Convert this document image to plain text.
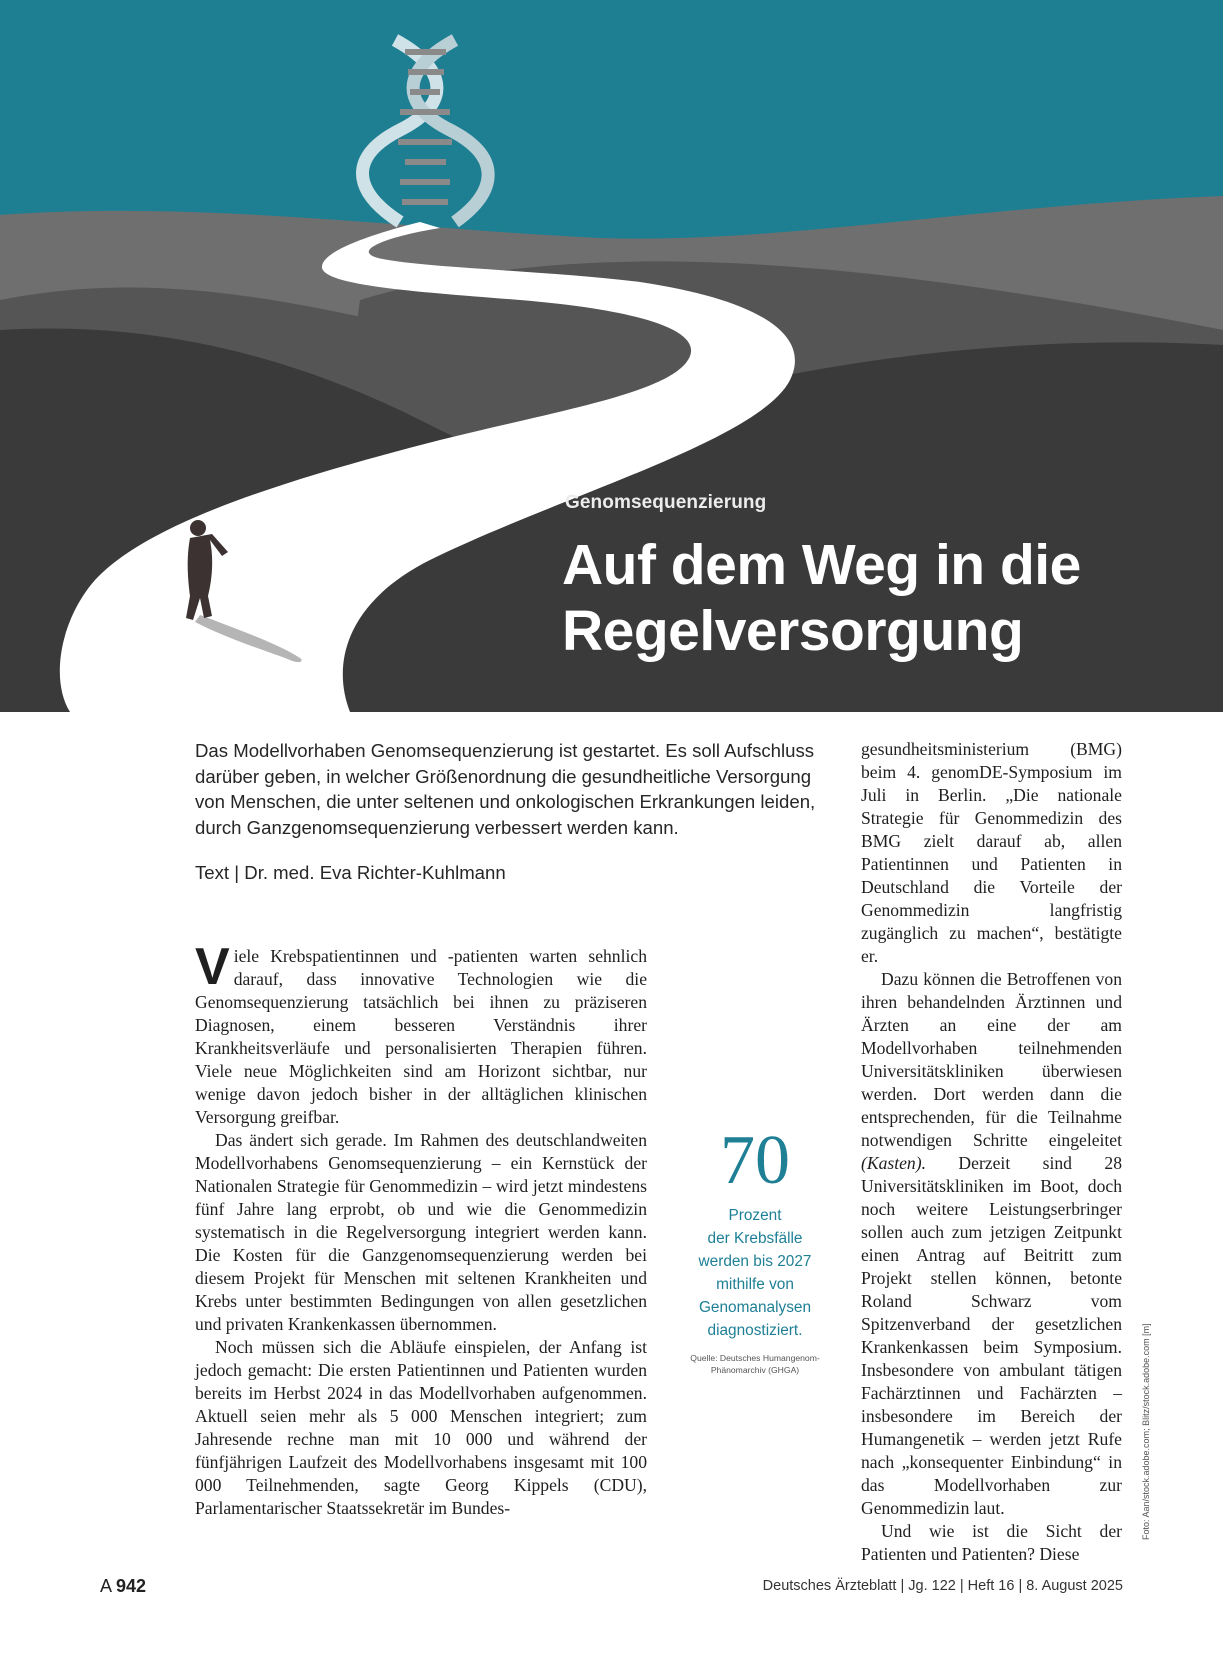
Genomsequenzierung
Auf dem Weg in die Regelversorgung

Das Modellvorhaben Genomsequenzierung ist gestartet. Es soll Aufschluss darüber geben, in welcher Größenordnung die gesundheitliche Versorgung von Menschen, die unter seltenen und onkologischen Erkrankungen leiden, durch Ganzgenomsequenzierung verbessert werden kann.

Text | Dr. med. Eva Richter-Kuhlmann

Viele Krebspatientinnen und -patienten warten sehnlich darauf, dass innovative Technologien wie die Genomsequenzierung tatsächlich bei ihnen zu präziseren Diagnosen, einem besseren Verständnis ihrer Krankheitsverläufe und personalisierten Therapien führen. Viele neue Möglichkeiten sind am Horizont sichtbar, nur wenige davon jedoch bisher in der alltäglichen klinischen Versorgung greifbar.

Das ändert sich gerade. Im Rahmen des deutschlandweiten Modellvorhabens Genomsequenzierung – ein Kernstück der Nationalen Strategie für Genommedizin – wird jetzt mindestens fünf Jahre lang erprobt, ob und wie die Genommedizin systematisch in die Regelversorgung integriert werden kann. Die Kosten für die Ganzgenomsequenzierung werden bei diesem Projekt für Menschen mit seltenen Krankheiten und Krebs unter bestimmten Bedingungen von allen gesetzlichen und privaten Krankenkassen übernommen.

Noch müssen sich die Abläufe einspielen, der Anfang ist jedoch gemacht: Die ersten Patientinnen und Patienten wurden bereits im Herbst 2024 in das Modellvorhaben aufgenommen. Aktuell seien mehr als 5 000 Menschen integriert; zum Jahresende rechne man mit 10 000 und während der fünfjährigen Laufzeit des Modellvorhabens insgesamt mit 100 000 Teilnehmenden, sagte Georg Kippels (CDU), Parlamentarischer Staatssekretär im Bundes-

70
Prozent
der Krebsfälle
werden bis 2027
mithilfe von
Genomanalysen
diagnostiziert.
Quelle: Deutsches Humangenom-
Phänomarchiv (GHGA)

gesundheitsministerium (BMG) beim 4. genomDE-Symposium im Juli in Berlin. „Die nationale Strategie für Genommedizin des BMG zielt darauf ab, allen Patientinnen und Patienten in Deutschland die Vorteile der Genommedizin langfristig zugänglich zu machen“, bestätigte er.

Dazu können die Betroffenen von ihren behandelnden Ärztinnen und Ärzten an eine der am Modellvorhaben teilnehmenden Universitätskliniken überwiesen werden. Dort werden dann die entsprechenden, für die Teilnahme notwendigen Schritte eingeleitet (Kasten). Derzeit sind 28 Universitätskliniken im Boot, doch noch weitere Leistungserbringer sollen auch zum jetzigen Zeitpunkt einen Antrag auf Beitritt zum Projekt stellen können, betonte Roland Schwarz vom Spitzenverband der gesetzlichen Krankenkassen beim Symposium. Insbesondere von ambulant tätigen Fachärztinnen und Fachärzten – insbesondere im Bereich der Humangenetik – werden jetzt Rufe nach „konsequenter Einbindung“ in das Modellvorhaben zur Genommedizin laut.

Und wie ist die Sicht der Patienten und Patienten? Diese

Foto: Aan/stock.adobe.com; Blitz/stock.adobe.com [m]
A 942	Deutsches Ärzteblatt | Jg. 122 | Heft 16 | 8. August 2025
